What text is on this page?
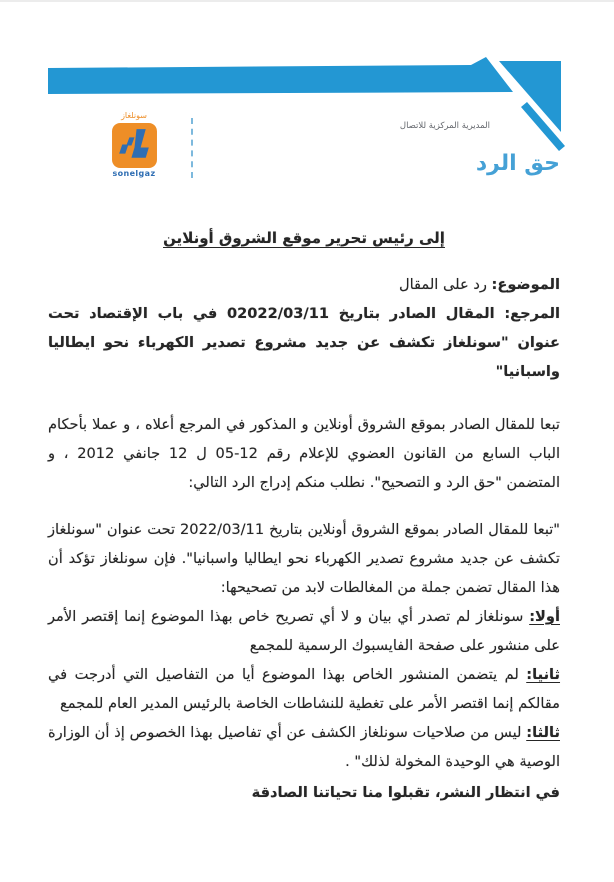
سونلغاز
sonelgaz
المديرية المركزية للاتصال
حق الرد

إلى رئيس تحرير موقع الشروق أونلاين

الموضوع: رد على المقال

المرجع: المقال الصادر بتاريخ 02022/03/11 في باب الإقتصاد تحت عنوان "سونلغاز تكشف عن جديد مشروع تصدير الكهرباء نحو ايطاليا واسبانيا"

تبعا للمقال الصادر بموقع الشروق أونلاين و المذكور في المرجع أعلاه ، و عملا بأحكام الباب السابع من القانون العضوي للإعلام رقم 12-05 ل 12 جانفي 2012 ، و المتضمن "حق الرد و التصحيح". نطلب منكم إدراج الرد التالي:

"تبعا للمقال الصادر بموقع الشروق أونلاين بتاريخ 2022/03/11 تحت عنوان "سونلغاز تكشف عن جديد مشروع تصدير الكهرباء نحو ايطاليا واسبانيا". فإن سونلغاز تؤكد أن هذا المقال تضمن جملة من المغالطات لابد من تصحيحها:

أولا: سونلغاز لم تصدر أي بيان و لا أي تصريح خاص بهذا الموضوع إنما إقتصر الأمر على منشور على صفحة الفايسبوك الرسمية للمجمع

ثانيا: لم يتضمن المنشور الخاص بهذا الموضوع أيا من التفاصيل التي أدرجت في مقالكم إنما اقتصر الأمر على تغطية للنشاطات الخاصة بالرئيس المدير العام للمجمع

ثالثا: ليس من صلاحيات سونلغاز الكشف عن أي تفاصيل بهذا الخصوص إذ أن الوزارة الوصية هي الوحيدة المخولة لذلك" .

في انتظار النشر، تقبلوا منا تحياتنا الصادقة
